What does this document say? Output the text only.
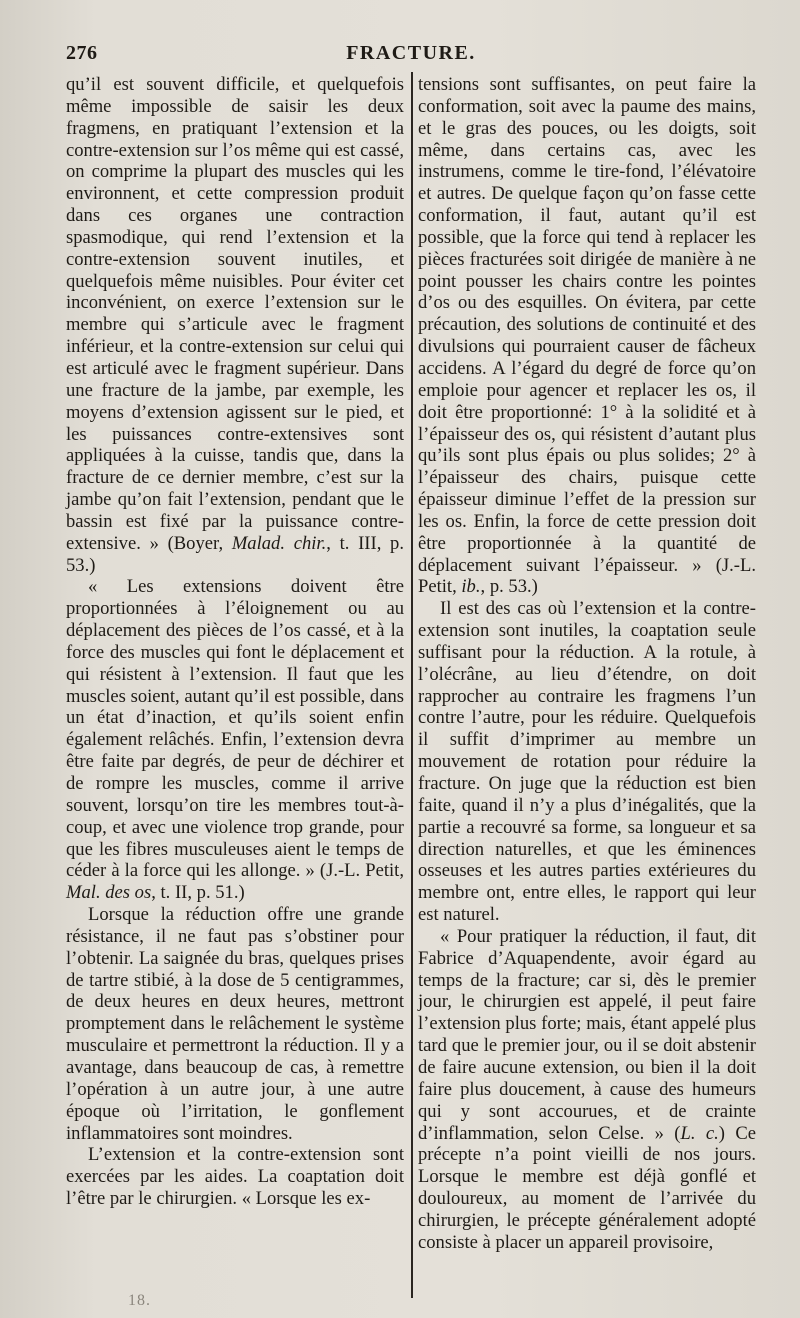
276	FRACTURE.

qu’il est souvent difficile, et quelquefois même impossible de saisir les deux fragmens, en pratiquant l’extension et la contre-extension sur l’os même qui est cassé, on comprime la plupart des muscles qui les environnent, et cette compression produit dans ces organes une contraction spasmodique, qui rend l’extension et la contre-extension souvent inutiles, et quelquefois même nuisibles. Pour éviter cet inconvénient, on exerce l’extension sur le membre qui s’articule avec le fragment inférieur, et la contre-extension sur celui qui est articulé avec le fragment supérieur. Dans une fracture de la jambe, par exemple, les moyens d’extension agissent sur le pied, et les puissances contre-extensives sont appliquées à la cuisse, tandis que, dans la fracture de ce dernier membre, c’est sur la jambe qu’on fait l’extension, pendant que le bassin est fixé par la puissance contre-extensive. » (Boyer, Malad. chir., t. III, p. 53.)

« Les extensions doivent être proportionnées à l’éloignement ou au déplacement des pièces de l’os cassé, et à la force des muscles qui font le déplacement et qui résistent à l’extension. Il faut que les muscles soient, autant qu’il est possible, dans un état d’inaction, et qu’ils soient enfin également relâchés. Enfin, l’extension devra être faite par degrés, de peur de déchirer et de rompre les muscles, comme il arrive souvent, lorsqu’on tire les membres tout-à-coup, et avec une violence trop grande, pour que les fibres musculeuses aient le temps de céder à la force qui les allonge. » (J.-L. Petit, Mal. des os, t. II, p. 51.)

Lorsque la réduction offre une grande résistance, il ne faut pas s’obstiner pour l’obtenir. La saignée du bras, quelques prises de tartre stibié, à la dose de 5 centigrammes, de deux heures en deux heures, mettront promptement dans le relâchement le système musculaire et permettront la réduction. Il y a avantage, dans beaucoup de cas, à remettre l’opération à un autre jour, à une autre époque où l’irritation, le gonflement inflammatoires sont moindres.

L’extension et la contre-extension sont exercées par les aides. La coaptation doit l’être par le chirurgien. « Lorsque les ex-

tensions sont suffisantes, on peut faire la conformation, soit avec la paume des mains, et le gras des pouces, ou les doigts, soit même, dans certains cas, avec les instrumens, comme le tire-fond, l’élévatoire et autres. De quelque façon qu’on fasse cette conformation, il faut, autant qu’il est possible, que la force qui tend à replacer les pièces fracturées soit dirigée de manière à ne point pousser les chairs contre les pointes d’os ou des esquilles. On évitera, par cette précaution, des solutions de continuité et des divulsions qui pourraient causer de fâcheux accidens. A l’égard du degré de force qu’on emploie pour agencer et replacer les os, il doit être proportionné: 1° à la solidité et à l’épaisseur des os, qui résistent d’autant plus qu’ils sont plus épais ou plus solides; 2° à l’épaisseur des chairs, puisque cette épaisseur diminue l’effet de la pression sur les os. Enfin, la force de cette pression doit être proportionnée à la quantité de déplacement suivant l’épaisseur. » (J.-L. Petit, ib., p. 53.)

Il est des cas où l’extension et la contre-extension sont inutiles, la coaptation seule suffisant pour la réduction. A la rotule, à l’olécrâne, au lieu d’étendre, on doit rapprocher au contraire les fragmens l’un contre l’autre, pour les réduire. Quelquefois il suffit d’imprimer au membre un mouvement de rotation pour réduire la fracture. On juge que la réduction est bien faite, quand il n’y a plus d’inégalités, que la partie a recouvré sa forme, sa longueur et sa direction naturelles, et que les éminences osseuses et les autres parties extérieures du membre ont, entre elles, le rapport qui leur est naturel.

« Pour pratiquer la réduction, il faut, dit Fabrice d’Aquapendente, avoir égard au temps de la fracture; car si, dès le premier jour, le chirurgien est appelé, il peut faire l’extension plus forte; mais, étant appelé plus tard que le premier jour, ou il se doit abstenir de faire aucune extension, ou bien il la doit faire plus doucement, à cause des humeurs qui y sont accourues, et de crainte d’inflammation, selon Celse. » (L. c.) Ce précepte n’a point vieilli de nos jours. Lorsque le membre est déjà gonflé et douloureux, au moment de l’arrivée du chirurgien, le précepte généralement adopté consiste à placer un appareil provisoire,

18.
